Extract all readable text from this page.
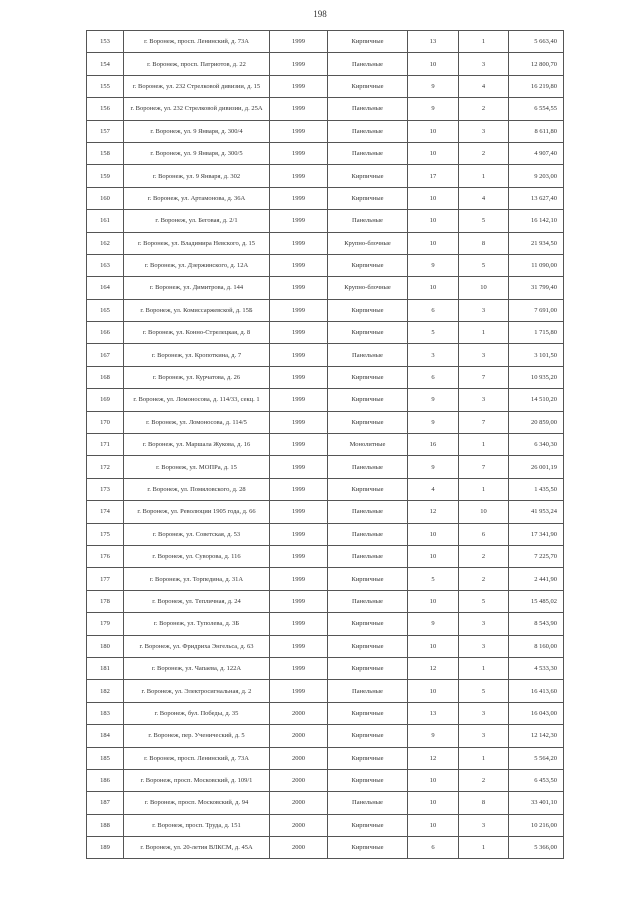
198
153	г. Воронеж, просп. Ленинский, д. 73А	1999	Кирпичные	13	1	5 663,40
154	г. Воронеж, просп. Патриотов, д. 22	1999	Панельные	10	3	12 800,70
155	г. Воронеж, ул. 232 Стрелковой дивизии, д. 15	1999	Кирпичные	9	4	16 219,80
156	г. Воронеж, ул. 232 Стрелковой дивизии, д. 25А	1999	Панельные	9	2	6 554,55
157	г. Воронеж, ул. 9 Января, д. 300/4	1999	Панельные	10	3	8 611,80
158	г. Воронеж, ул. 9 Января, д. 300/5	1999	Панельные	10	2	4 907,40
159	г. Воронеж, ул. 9 Января, д. 302	1999	Кирпичные	17	1	9 203,00
160	г. Воронеж, ул. Артамонова, д. 36А	1999	Кирпичные	10	4	13 627,40
161	г. Воронеж, ул. Беговая, д. 2/1	1999	Панельные	10	5	16 142,10
162	г. Воронеж, ул. Владимира Невского, д. 15	1999	Крупно-блочные	10	8	21 934,50
163	г. Воронеж, ул. Дзержинского, д. 12А	1999	Кирпичные	9	5	11 090,00
164	г. Воронеж, ул. Димитрова, д. 144	1999	Крупно-блочные	10	10	31 799,40
165	г. Воронеж, ул. Комиссаржевской, д. 15Б	1999	Кирпичные	6	3	7 691,00
166	г. Воронеж, ул. Конно-Стрелецкая, д. 8	1999	Кирпичные	5	1	1 715,80
167	г. Воронеж, ул. Кропоткина, д. 7	1999	Панельные	3	3	3 101,50
168	г. Воронеж, ул. Курчатова, д. 26	1999	Кирпичные	6	7	10 935,20
169	г. Воронеж, ул. Ломоносова, д. 114/33, секц. 1	1999	Кирпичные	9	3	14 510,20
170	г. Воронеж, ул. Ломоносова, д. 114/5	1999	Кирпичные	9	7	20 859,00
171	г. Воронеж, ул. Маршала Жукова, д. 16	1999	Монолитные	16	1	6 340,30
172	г. Воронеж, ул. МОПРа, д. 15	1999	Панельные	9	7	26 001,19
173	г. Воронеж, ул. Помяловского, д. 28	1999	Кирпичные	4	1	1 435,50
174	г. Воронеж, ул. Революции 1905 года, д. 66	1999	Панельные	12	10	41 953,24
175	г. Воронеж, ул. Советская, д. 53	1999	Панельные	10	6	17 341,90
176	г. Воронеж, ул. Суворова, д. 116	1999	Панельные	10	2	7 225,70
177	г. Воронеж, ул. Торпедина, д. 31А	1999	Кирпичные	5	2	2 441,90
178	г. Воронеж, ул. Тепличная, д. 24	1999	Панельные	10	5	15 485,02
179	г. Воронеж, ул. Туполева, д. 3Б	1999	Кирпичные	9	3	8 543,90
180	г. Воронеж, ул. Фридриха Энгельса, д. 63	1999	Кирпичные	10	3	8 160,00
181	г. Воронеж, ул. Чапаева, д. 122А	1999	Кирпичные	12	1	4 533,30
182	г. Воронеж, ул. Электросигнальная, д. 2	1999	Панельные	10	5	16 413,60
183	г. Воронеж, бул. Победы, д. 35	2000	Кирпичные	13	3	16 043,00
184	г. Воронеж, пер. Ученический, д. 5	2000	Кирпичные	9	3	12 142,30
185	г. Воронеж, просп. Ленинский, д. 73А	2000	Кирпичные	12	1	5 564,20
186	г. Воронеж, просп. Московский, д. 109/1	2000	Кирпичные	10	2	6 453,50
187	г. Воронеж, просп. Московский, д. 94	2000	Панельные	10	8	33 401,10
188	г. Воронеж, просп. Труда, д. 151	2000	Кирпичные	10	3	10 216,00
189	г. Воронеж, ул. 20-летия ВЛКСМ, д. 45А	2000	Кирпичные	6	1	5 366,00
